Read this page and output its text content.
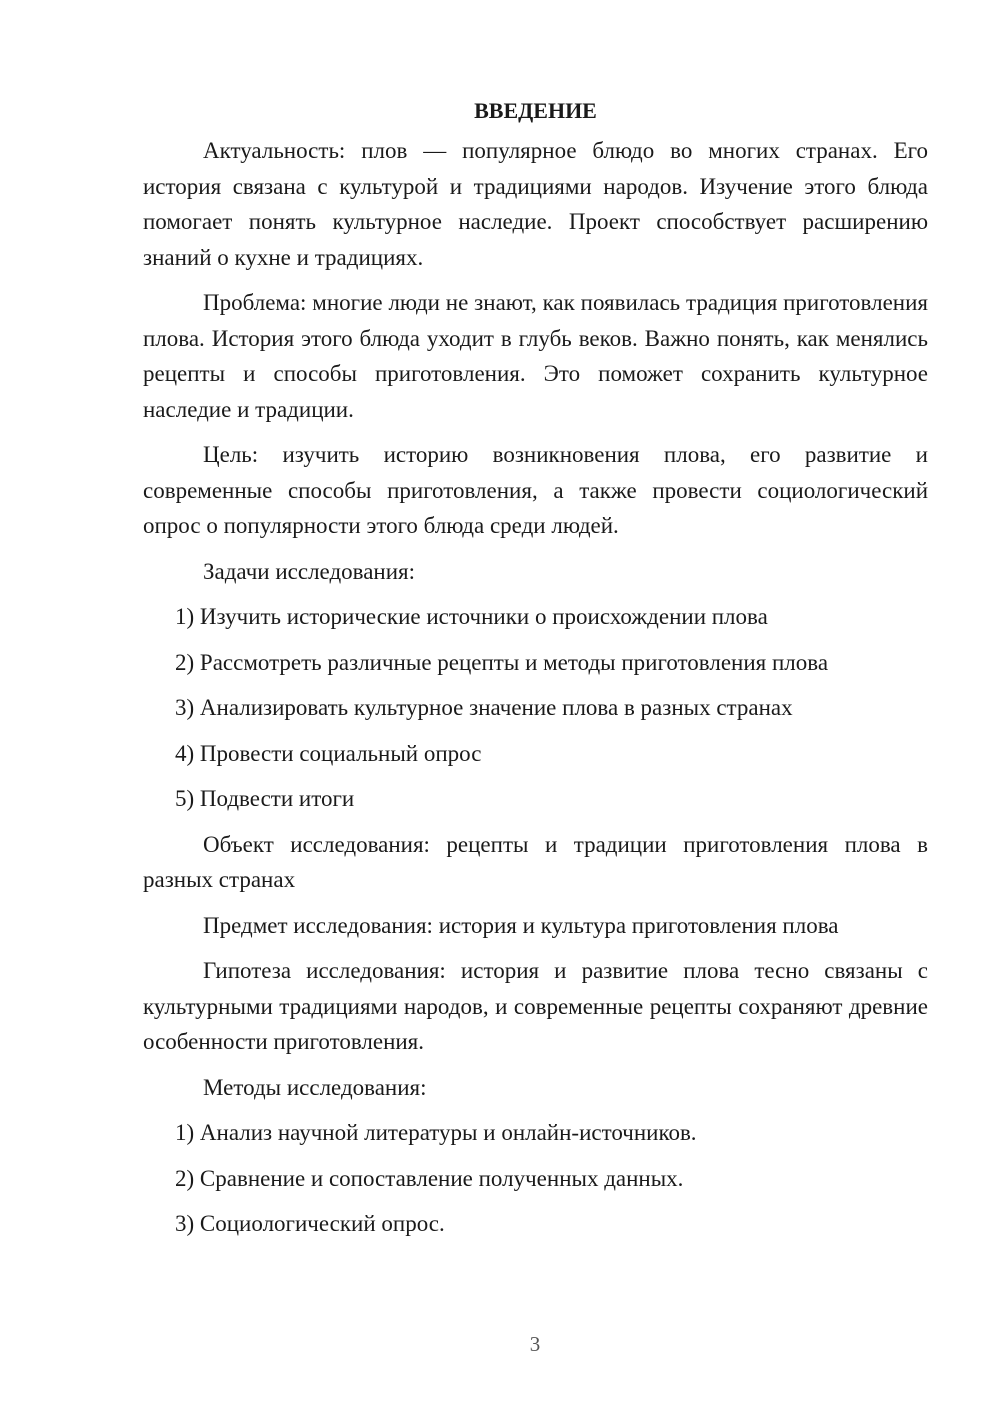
ВВЕДЕНИЕ

Актуальность: плов — популярное блюдо во многих странах. Его история связана с культурой и традициями народов. Изучение этого блюда помогает понять культурное наследие. Проект способствует расширению знаний о кухне и традициях.

Проблема: многие люди не знают, как появилась традиция приготовления плова. История этого блюда уходит в глубь веков. Важно понять, как менялись рецепты и способы приготовления. Это поможет сохранить культурное наследие и традиции.

Цель: изучить историю возникновения плова, его развитие и современные способы приготовления, а также провести социологический опрос о популярности этого блюда среди людей.

Задачи исследования:

1) Изучить исторические источники о происхождении плова
2) Рассмотреть различные рецепты и методы приготовления плова
3) Анализировать культурное значение плова в разных странах
4) Провести социальный опрос
5) Подвести итоги

Объект исследования: рецепты и традиции приготовления плова в разных странах

Предмет исследования: история и культура приготовления плова

Гипотеза исследования: история и развитие плова тесно связаны с культурными традициями народов, и современные рецепты сохраняют древние особенности приготовления.

Методы исследования:

1) Анализ научной литературы и онлайн-источников.
2) Сравнение и сопоставление полученных данных.
3) Социологический опрос.
3
